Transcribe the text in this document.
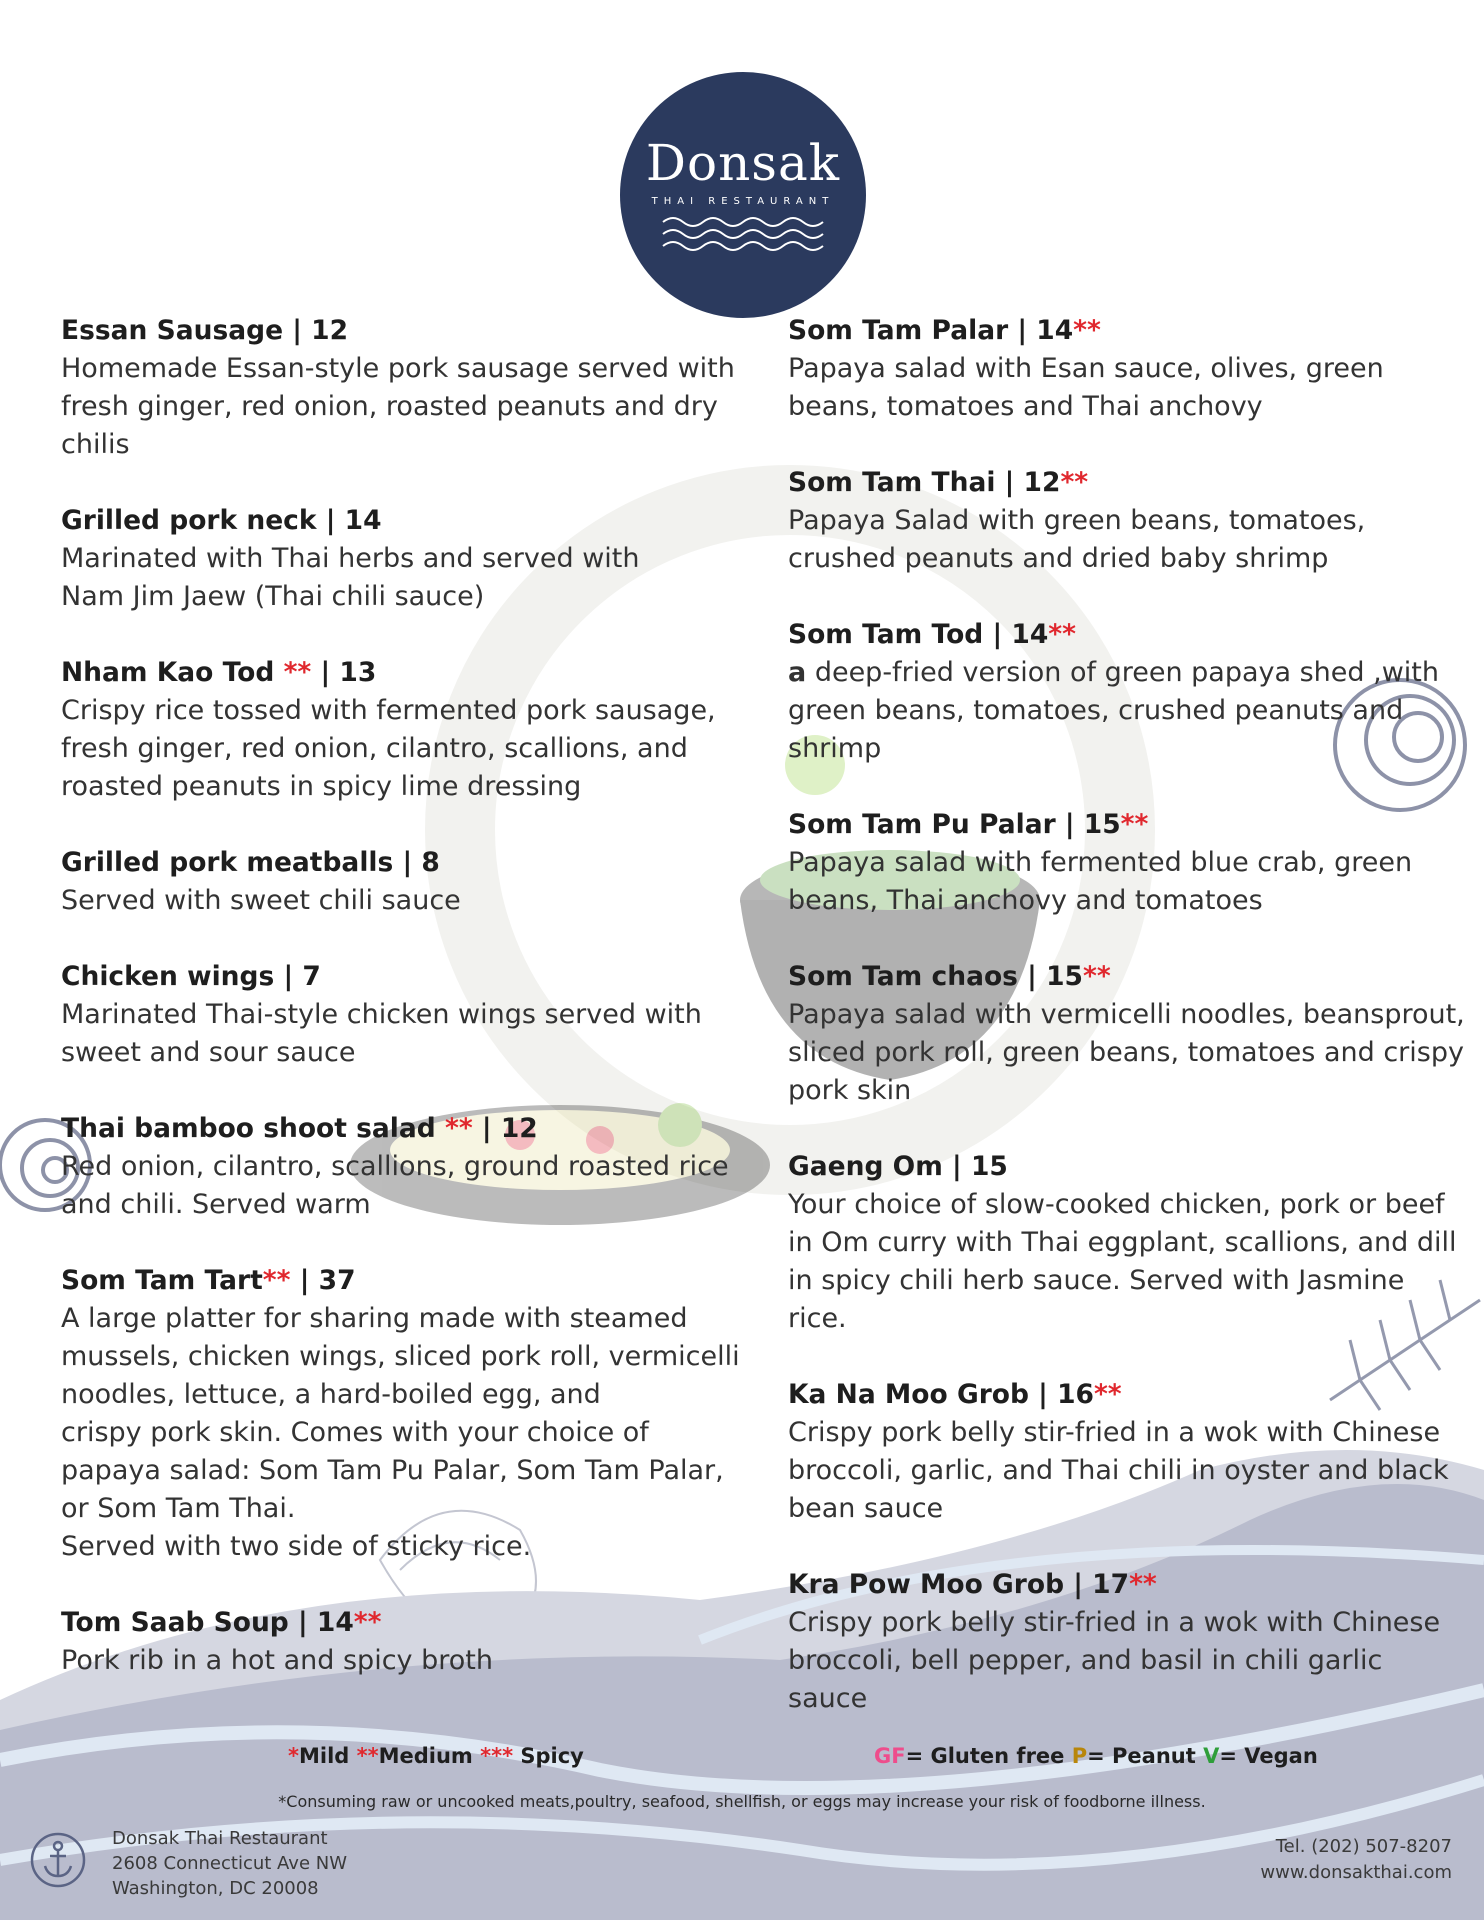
Donsak
THAI RESTAURANT
Essan Sausage | 12
Homemade Essan-style pork sausage served with fresh ginger, red onion, roasted peanuts and dry chilis
Grilled pork neck | 14
Marinated with Thai herbs and served with
Nam Jim Jaew (Thai chili sauce)
Nham Kao Tod ** | 13
Crispy rice tossed with fermented pork sausage, fresh ginger, red onion, cilantro, scallions, and roasted peanuts in spicy lime dressing
Grilled pork meatballs | 8
Served with sweet chili sauce
Chicken wings | 7
Marinated Thai-style chicken wings served with sweet and sour sauce
Thai bamboo shoot salad ** | 12
Red onion, cilantro, scallions, ground roasted rice and chili. Served warm
Som Tam Tart** | 37
A large platter for sharing made with steamed mussels, chicken wings, sliced pork roll, vermicelli noodles, lettuce, a hard-boiled egg, and
crispy pork skin. Comes with your choice of
papaya salad: Som Tam Pu Palar, Som Tam Palar,
or Som Tam Thai.
Served with two side of sticky rice.
Tom Saab Soup | 14**
Pork rib in a hot and spicy broth
Som Tam Palar | 14**
Papaya salad with Esan sauce, olives, green beans, tomatoes and Thai anchovy
Som Tam Thai | 12**
Papaya Salad with green beans, tomatoes, crushed peanuts and dried baby shrimp
Som Tam Tod | 14**
a deep-fried version of green papaya shed ,with green beans, tomatoes, crushed peanuts and shrimp
Som Tam Pu Palar | 15**
Papaya salad with fermented blue crab, green beans, Thai anchovy and tomatoes
Som Tam chaos | 15**
Papaya salad with vermicelli noodles, beansprout, sliced pork roll, green beans, tomatoes and crispy pork skin
Gaeng Om | 15
Your choice of slow-cooked chicken, pork or beef in Om curry with Thai eggplant, scallions, and dill in spicy chili herb sauce. Served with Jasmine rice.
Ka Na Moo Grob | 16**
Crispy pork belly stir-fried in a wok with Chinese broccoli, garlic, and Thai chili in oyster and black bean sauce
Kra Pow Moo Grob | 17**
Crispy pork belly stir-fried in a wok with Chinese broccoli, bell pepper, and basil in chili garlic sauce
*Mild **Medium *** Spicy	GF= Gluten free P= Peanut V= Vegan
*Consuming raw or uncooked meats,poultry, seafood, shellfish, or eggs may increase your risk of foodborne illness.
Donsak Thai Restaurant
2608 Connecticut Ave NW
Washington, DC 20008
Tel. (202) 507-8207
www.donsakthai.com
